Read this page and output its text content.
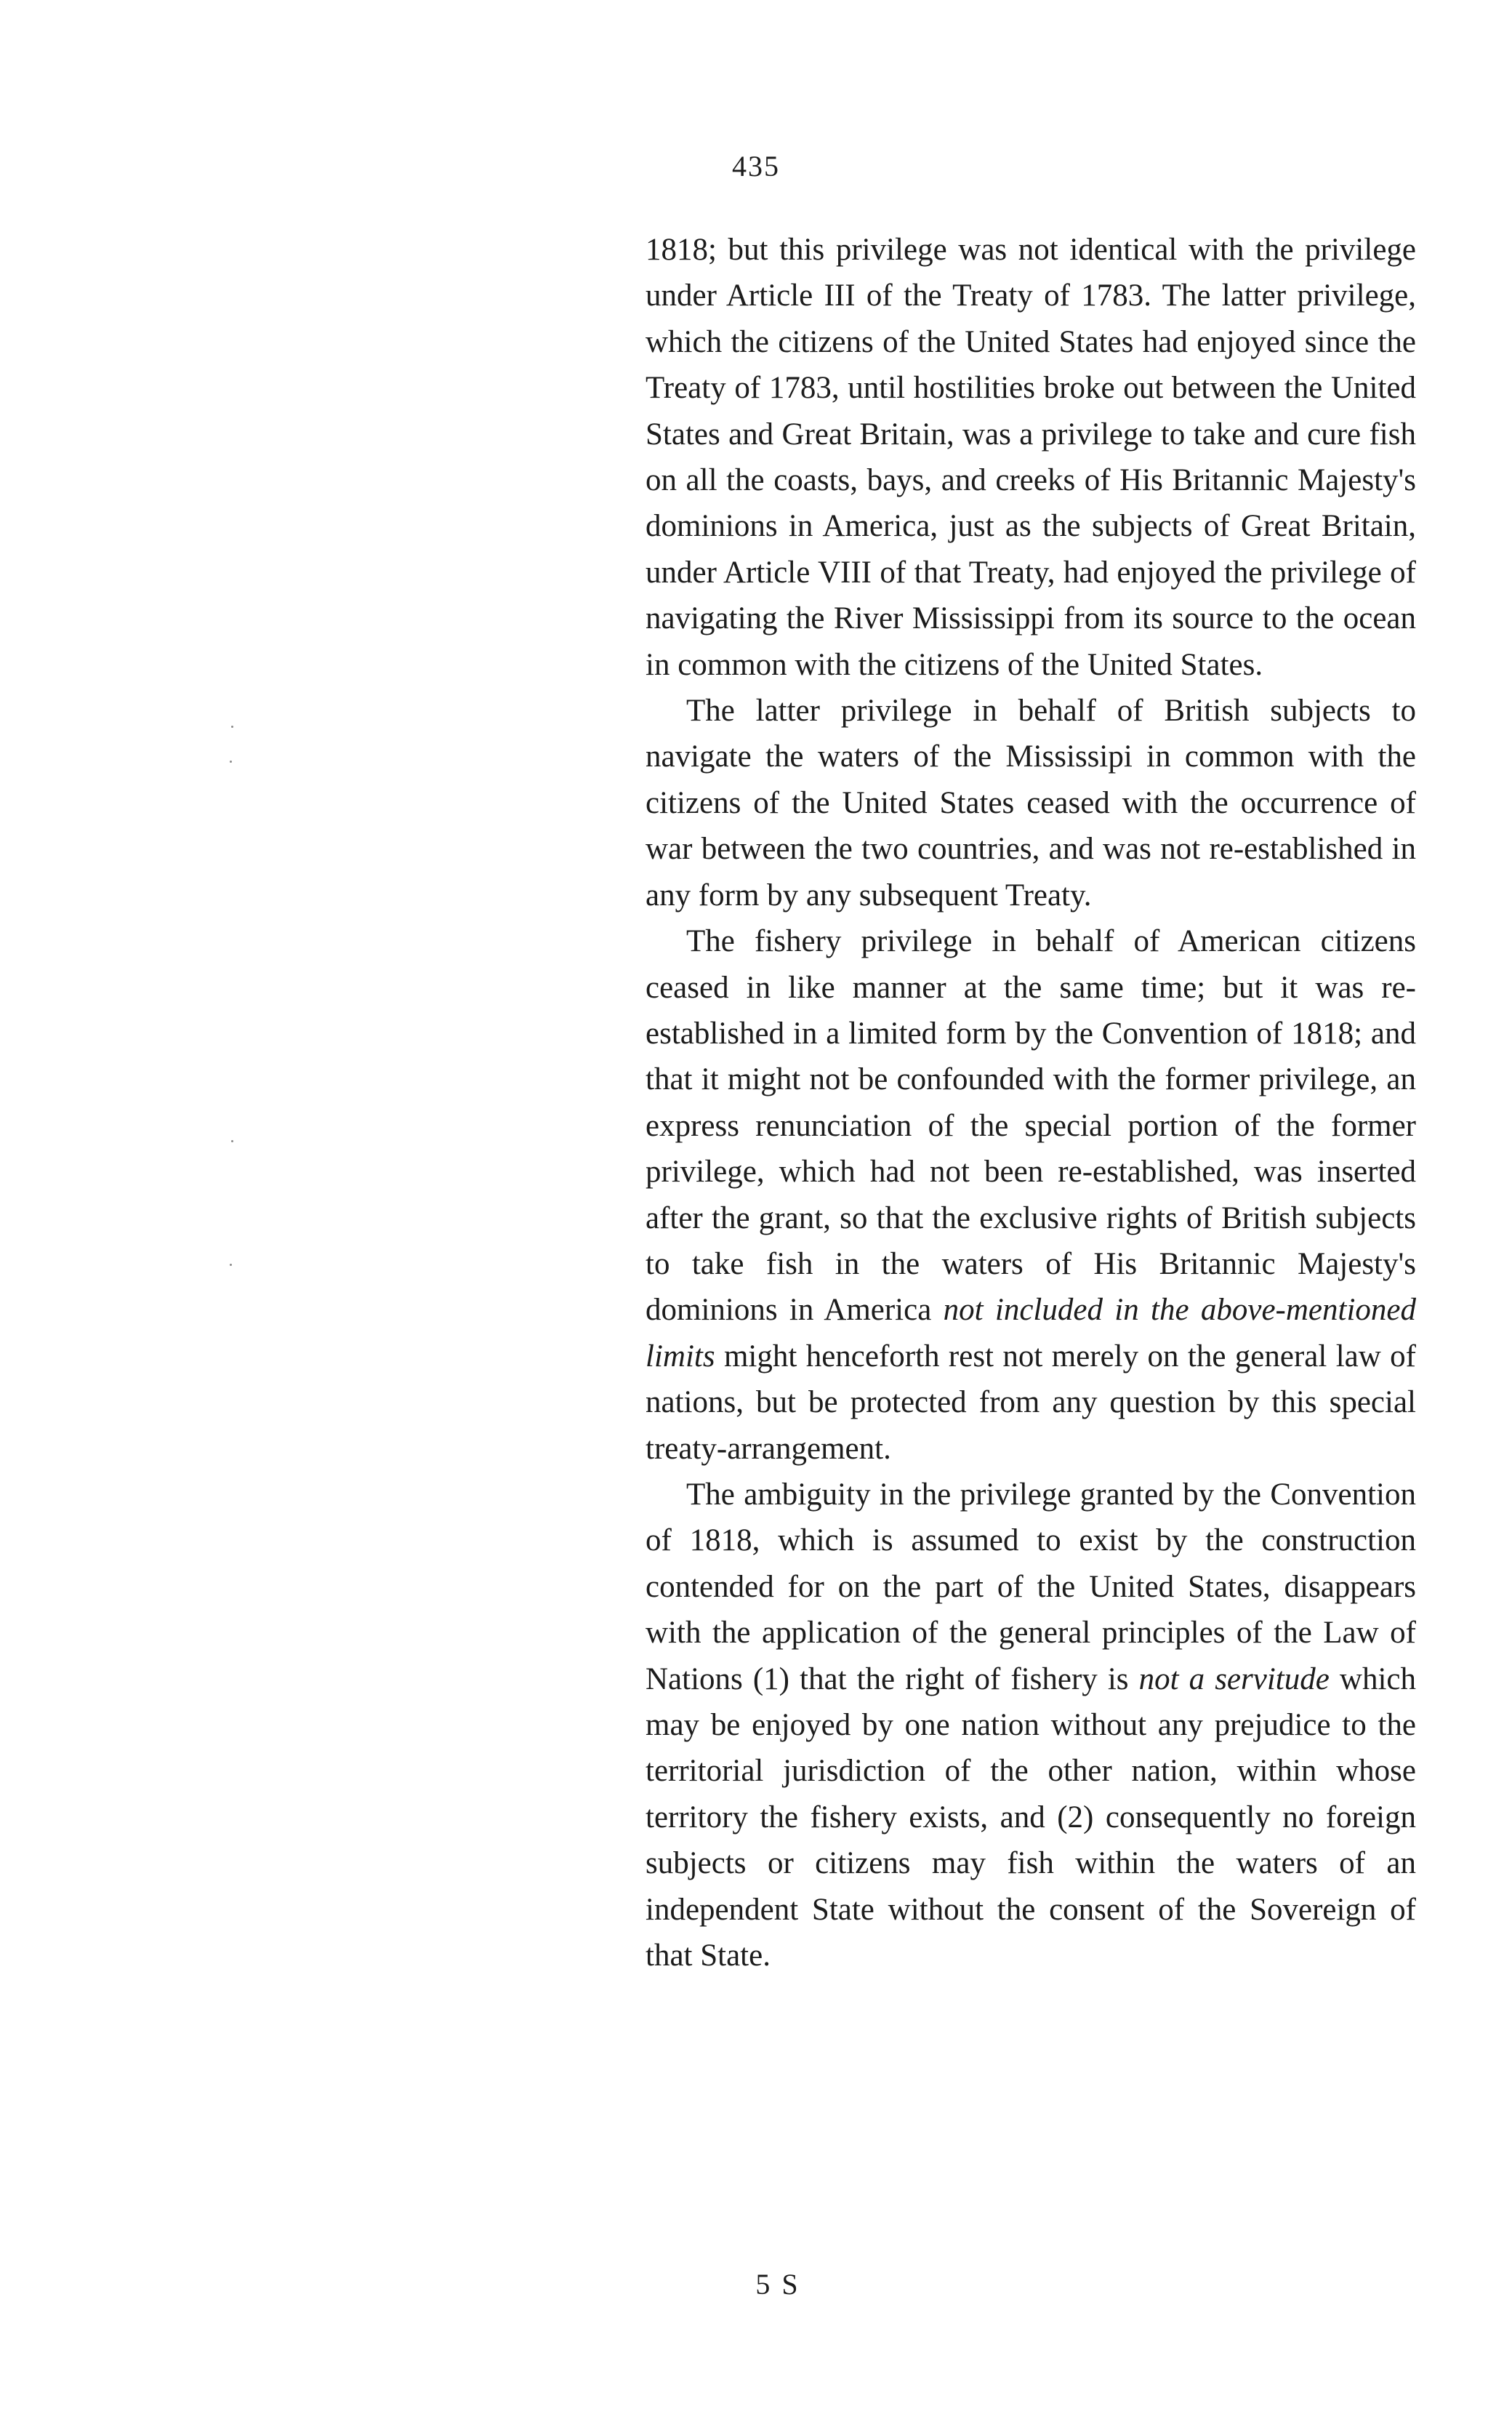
435

1818; but this privilege was not identical with the privilege under Article III of the Treaty of 1783. The latter privilege, which the citizens of the United States had enjoyed since the Treaty of 1783, until hostilities broke out between the United States and Great Britain, was a privilege to take and cure fish on all the coasts, bays, and creeks of His Britannic Majesty's dominions in America, just as the subjects of Great Britain, under Article VIII of that Treaty, had enjoyed the privilege of navigating the River Mississippi from its source to the ocean in common with the citizens of the United States.

The latter privilege in behalf of British subjects to navigate the waters of the Mississipi in common with the citizens of the United States ceased with the occurrence of war between the two countries, and was not re-established in any form by any subsequent Treaty.

The fishery privilege in behalf of American citizens ceased in like manner at the same time; but it was re-established in a limited form by the Convention of 1818; and that it might not be confounded with the former privilege, an express renunciation of the special portion of the former privilege, which had not been re-established, was inserted after the grant, so that the exclusive rights of British subjects to take fish in the waters of His Britannic Majesty's dominions in America not included in the above-mentioned limits might henceforth rest not merely on the general law of nations, but be protected from any question by this special treaty-arrangement.

The ambiguity in the privilege granted by the Convention of 1818, which is assumed to exist by the construction contended for on the part of the United States, disappears with the application of the general principles of the Law of Nations (1) that the right of fishery is not a servitude which may be enjoyed by one nation without any prejudice to the territorial jurisdiction of the other nation, within whose territory the fishery exists, and (2) consequently no foreign subjects or citizens may fish within the waters of an independent State without the consent of the Sovereign of that State.

5 S
